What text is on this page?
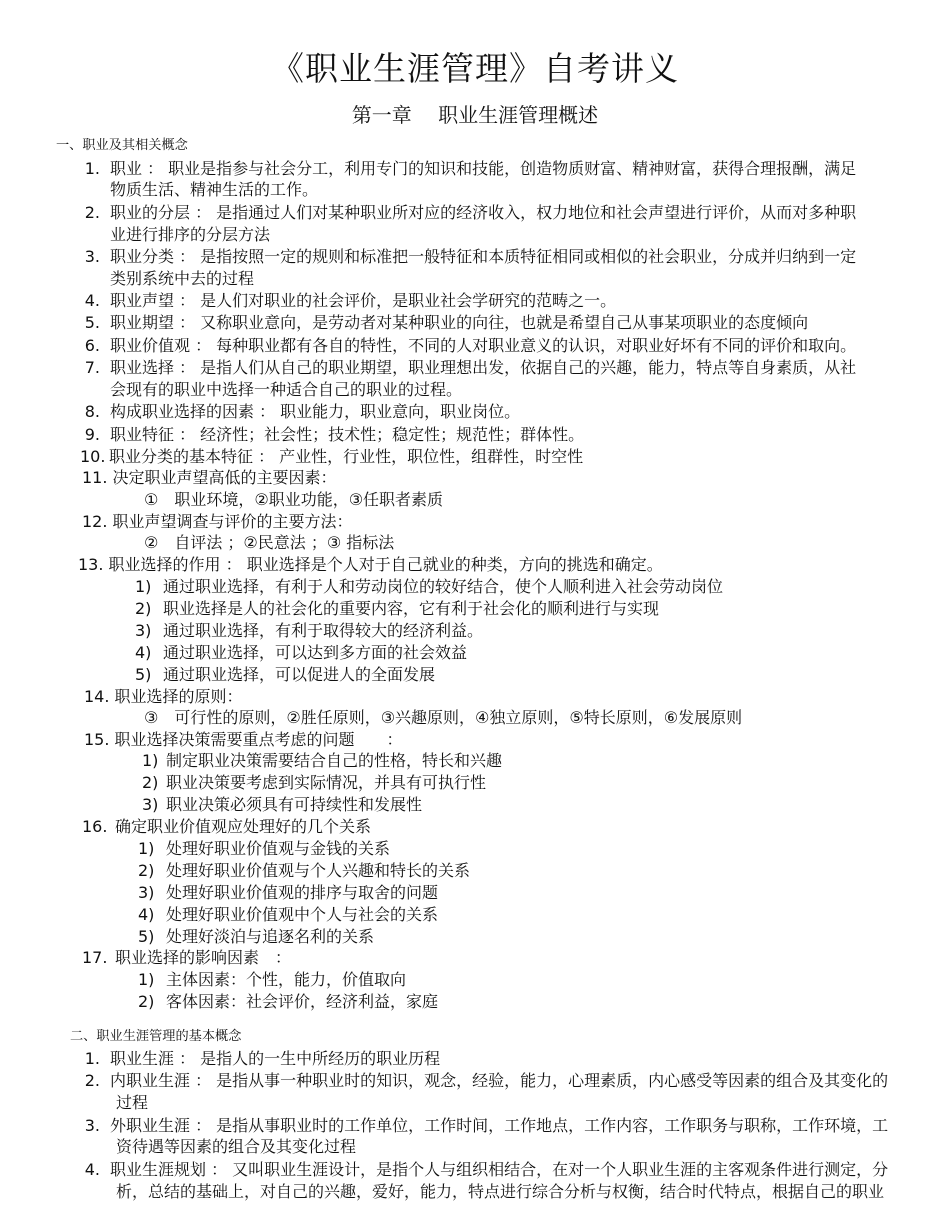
《职业生涯管理》自考讲义
第一章　 职业生涯管理概述
一、职业及其相关概念
1. 职业 ： 职业是指参与社会分工，利用专门的知识和技能，创造物质财富、精神财富，获得合理报酬，满足
物质生活、精神生活的工作。
2. 职业的分层 ： 是指通过人们对某种职业所对应的经济收入，权力地位和社会声望进行评价，从而对多种职
业进行排序的分层方法
3. 职业分类 ： 是指按照一定的规则和标准把一般特征和本质特征相同或相似的社会职业，分成并归纳到一定
类别系统中去的过程
4. 职业声望 ： 是人们对职业的社会评价，是职业社会学研究的范畴之一。
5. 职业期望 ： 又称职业意向，是劳动者对某种职业的向往，也就是希望自己从事某项职业的态度倾向
6. 职业价值观 ： 每种职业都有各自的特性，不同的人对职业意义的认识，对职业好坏有不同的评价和取向。
7. 职业选择 ： 是指人们从自己的职业期望，职业理想出发，依据自己的兴趣，能力，特点等自身素质，从社
会现有的职业中选择一种适合自己的职业的过程。
8. 构成职业选择的因素 ： 职业能力，职业意向，职业岗位。
9. 职业特征 ： 经济性；社会性；技术性；稳定性；规范性；群体性。
10. 职业分类的基本特征 ： 产业性，行业性，职位性，组群性，时空性
11. 决定职业声望高低的主要因素：
①　职业环境，②职业功能，③任职者素质
12. 职业声望调查与评价的主要方法：
②　自评法 ；②民意法 ；③ 指标法
13. 职业选择的作用 ： 职业选择是个人对于自己就业的种类，方向的挑选和确定。
1) 通过职业选择，有利于人和劳动岗位的较好结合，使个人顺利进入社会劳动岗位
2) 职业选择是人的社会化的重要内容，它有利于社会化的顺利进行与实现
3) 通过职业选择，有利于取得较大的经济利益。
4) 通过职业选择，可以达到多方面的社会效益
5) 通过职业选择，可以促进人的全面发展
14. 职业选择的原则：
③　可行性的原则，②胜任原则，③兴趣原则，④独立原则，⑤特长原则，⑥发展原则
15. 职业选择决策需要重点考虑的问题　　：
1) 制定职业决策需要结合自己的性格，特长和兴趣
2) 职业决策要考虑到实际情况，并具有可执行性
3) 职业决策必须具有可持续性和发展性
16. 确定职业价值观应处理好的几个关系
1) 处理好职业价值观与金钱的关系
2) 处理好职业价值观与个人兴趣和特长的关系
3) 处理好职业价值观的排序与取舍的问题
4) 处理好职业价值观中个人与社会的关系
5) 处理好淡泊与追逐名利的关系
17. 职业选择的影响因素　：
1) 主体因素：个性，能力，价值取向
2) 客体因素：社会评价，经济利益，家庭
二、职业生涯管理的基本概念
1. 职业生涯 ： 是指人的一生中所经历的职业历程
2. 内职业生涯 ： 是指从事一种职业时的知识，观念，经验，能力，心理素质，内心感受等因素的组合及其变化的
过程
3. 外职业生涯 ： 是指从事职业时的工作单位，工作时间，工作地点，工作内容，工作职务与职称，工作环境，工
资待遇等因素的组合及其变化过程
4. 职业生涯规划 ： 又叫职业生涯设计，是指个人与组织相结合，在对一个人职业生涯的主客观条件进行测定，分
析，总结的基础上，对自己的兴趣，爱好，能力，特点进行综合分析与权衡，结合时代特点，根据自己的职业
